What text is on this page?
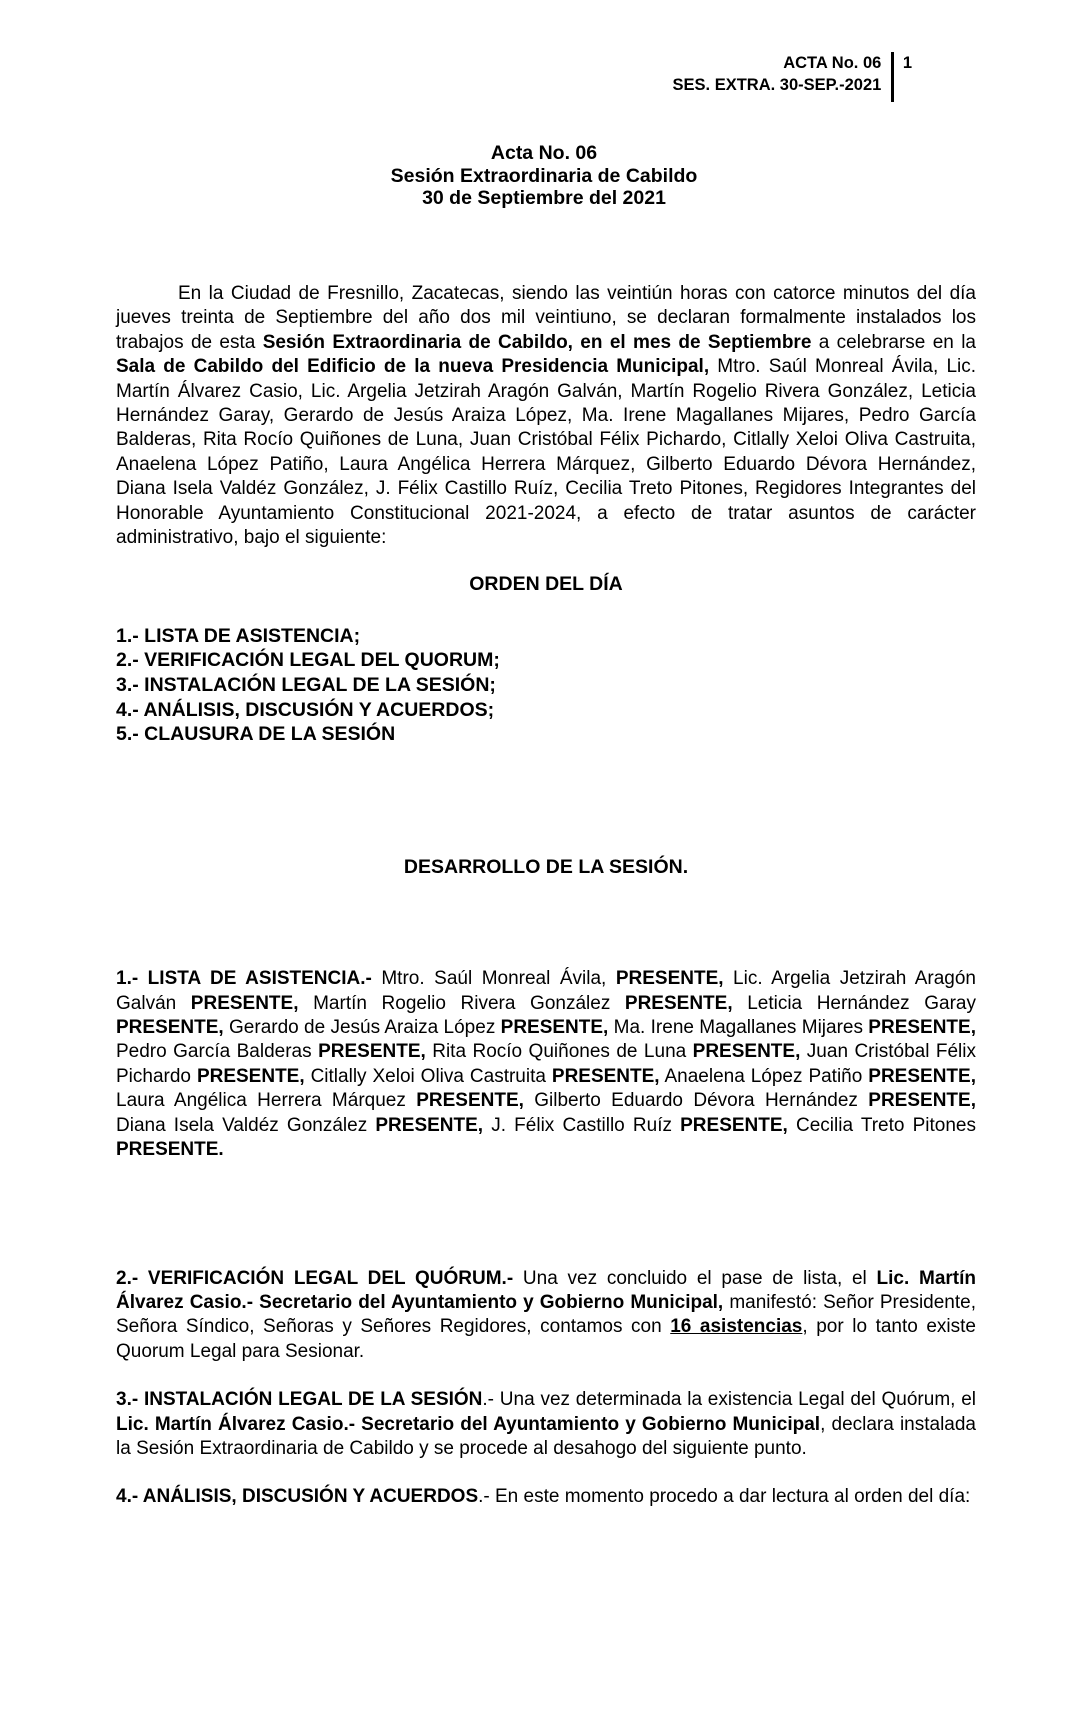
ACTA No. 06
SES. EXTRA. 30-SEP.-2021
1
Acta No. 06
Sesión Extraordinaria de Cabildo
30 de Septiembre del 2021

En la Ciudad de Fresnillo, Zacatecas, siendo las veintiún horas con catorce minutos del día jueves treinta de Septiembre del año dos mil veintiuno, se declaran formalmente instalados los trabajos de esta Sesión Extraordinaria de Cabildo, en el mes de Septiembre a celebrarse en la Sala de Cabildo del Edificio de la nueva Presidencia Municipal, Mtro. Saúl Monreal Ávila, Lic. Martín Álvarez Casio, Lic. Argelia Jetzirah Aragón Galván, Martín Rogelio Rivera González, Leticia Hernández Garay, Gerardo de Jesús Araiza López, Ma. Irene Magallanes Mijares, Pedro García Balderas, Rita Rocío Quiñones de Luna, Juan Cristóbal Félix Pichardo, Citlally Xeloi Oliva Castruita, Anaelena López Patiño, Laura Angélica Herrera Márquez, Gilberto Eduardo Dévora Hernández, Diana Isela Valdéz González, J. Félix Castillo Ruíz, Cecilia Treto Pitones, Regidores Integrantes del Honorable Ayuntamiento Constitucional 2021-2024, a efecto de tratar asuntos de carácter administrativo, bajo el siguiente:

ORDEN DEL DÍA
1.- LISTA DE ASISTENCIA;
2.- VERIFICACIÓN LEGAL DEL QUORUM;
3.- INSTALACIÓN LEGAL DE LA SESIÓN;
4.- ANÁLISIS, DISCUSIÓN Y ACUERDOS;
5.- CLAUSURA DE LA SESIÓN
DESARROLLO DE LA SESIÓN.

1.- LISTA DE ASISTENCIA.- Mtro. Saúl Monreal Ávila, PRESENTE, Lic. Argelia Jetzirah Aragón Galván PRESENTE, Martín Rogelio Rivera González PRESENTE, Leticia Hernández Garay PRESENTE, Gerardo de Jesús Araiza López PRESENTE, Ma. Irene Magallanes Mijares PRESENTE, Pedro García Balderas PRESENTE, Rita Rocío Quiñones de Luna PRESENTE, Juan Cristóbal Félix Pichardo PRESENTE, Citlally Xeloi Oliva Castruita PRESENTE, Anaelena López Patiño PRESENTE, Laura Angélica Herrera Márquez PRESENTE, Gilberto Eduardo Dévora Hernández PRESENTE, Diana Isela Valdéz González PRESENTE, J. Félix Castillo Ruíz PRESENTE, Cecilia Treto Pitones PRESENTE.

2.- VERIFICACIÓN LEGAL DEL QUÓRUM.- Una vez concluido el pase de lista, el Lic. Martín Álvarez Casio.- Secretario del Ayuntamiento y Gobierno Municipal, manifestó: Señor Presidente, Señora Síndico, Señoras y Señores Regidores, contamos con 16 asistencias, por lo tanto existe Quorum Legal para Sesionar.

3.- INSTALACIÓN LEGAL DE LA SESIÓN.- Una vez determinada la existencia Legal del Quórum, el Lic. Martín Álvarez Casio.- Secretario del Ayuntamiento y Gobierno Municipal, declara instalada la Sesión Extraordinaria de Cabildo y se procede al desahogo del siguiente punto.

4.- ANÁLISIS, DISCUSIÓN Y ACUERDOS.- En este momento procedo a dar lectura al orden del día:
